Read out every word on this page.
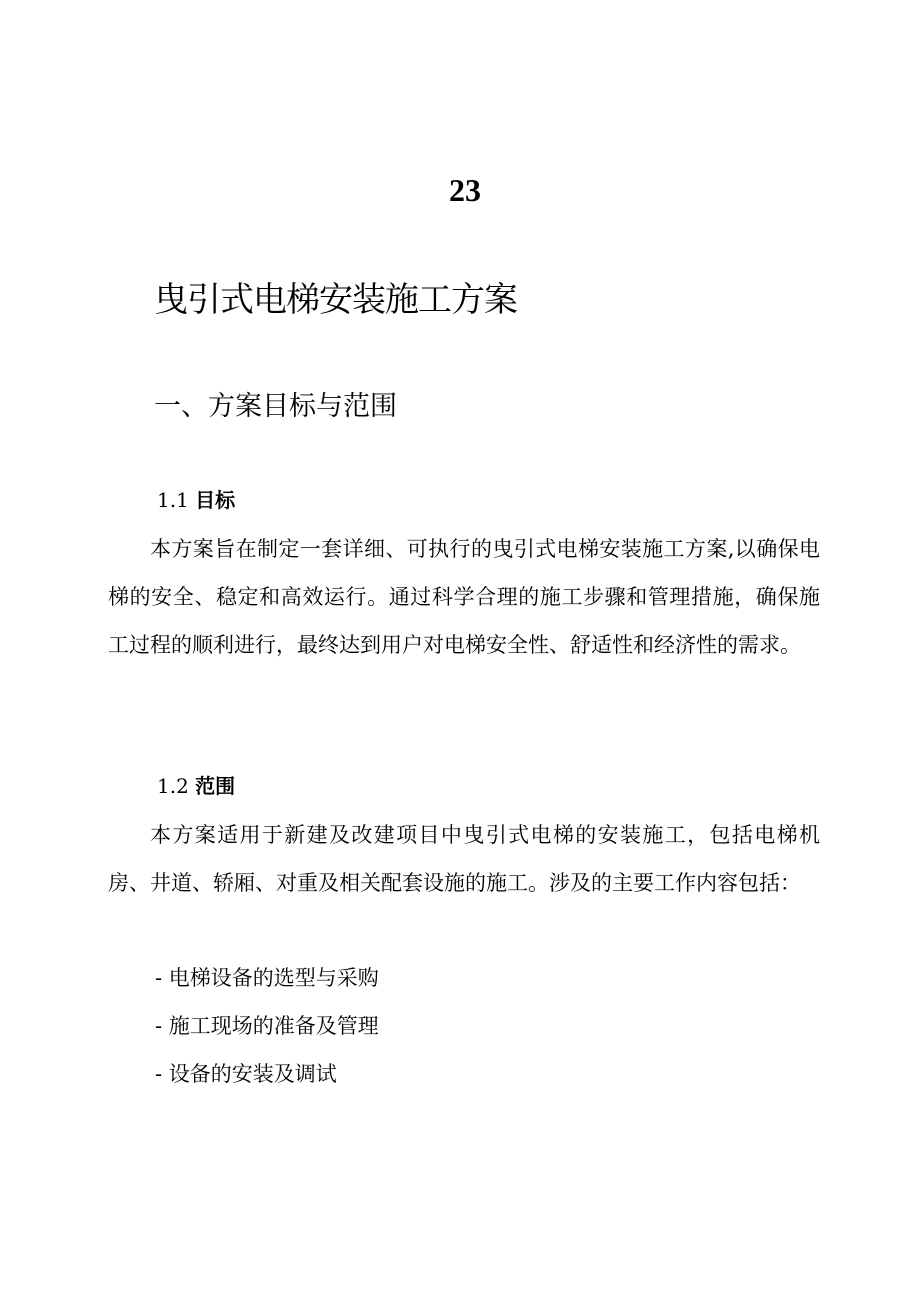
23
曳引式电梯安装施工方案
一、方案目标与范围
1.1 目标

本方案旨在制定一套详细、可执行的曳引式电梯安装施工方案,以确保电梯的安全、稳定和高效运行。通过科学合理的施工步骤和管理措施，确保施工过程的顺利进行，最终达到用户对电梯安全性、舒适性和经济性的需求。

1.2 范围

本方案适用于新建及改建项目中曳引式电梯的安装施工，包括电梯机房、井道、轿厢、对重及相关配套设施的施工。涉及的主要工作内容包括：

- 电梯设备的选型与采购
- 施工现场的准备及管理
- 设备的安装及调试
